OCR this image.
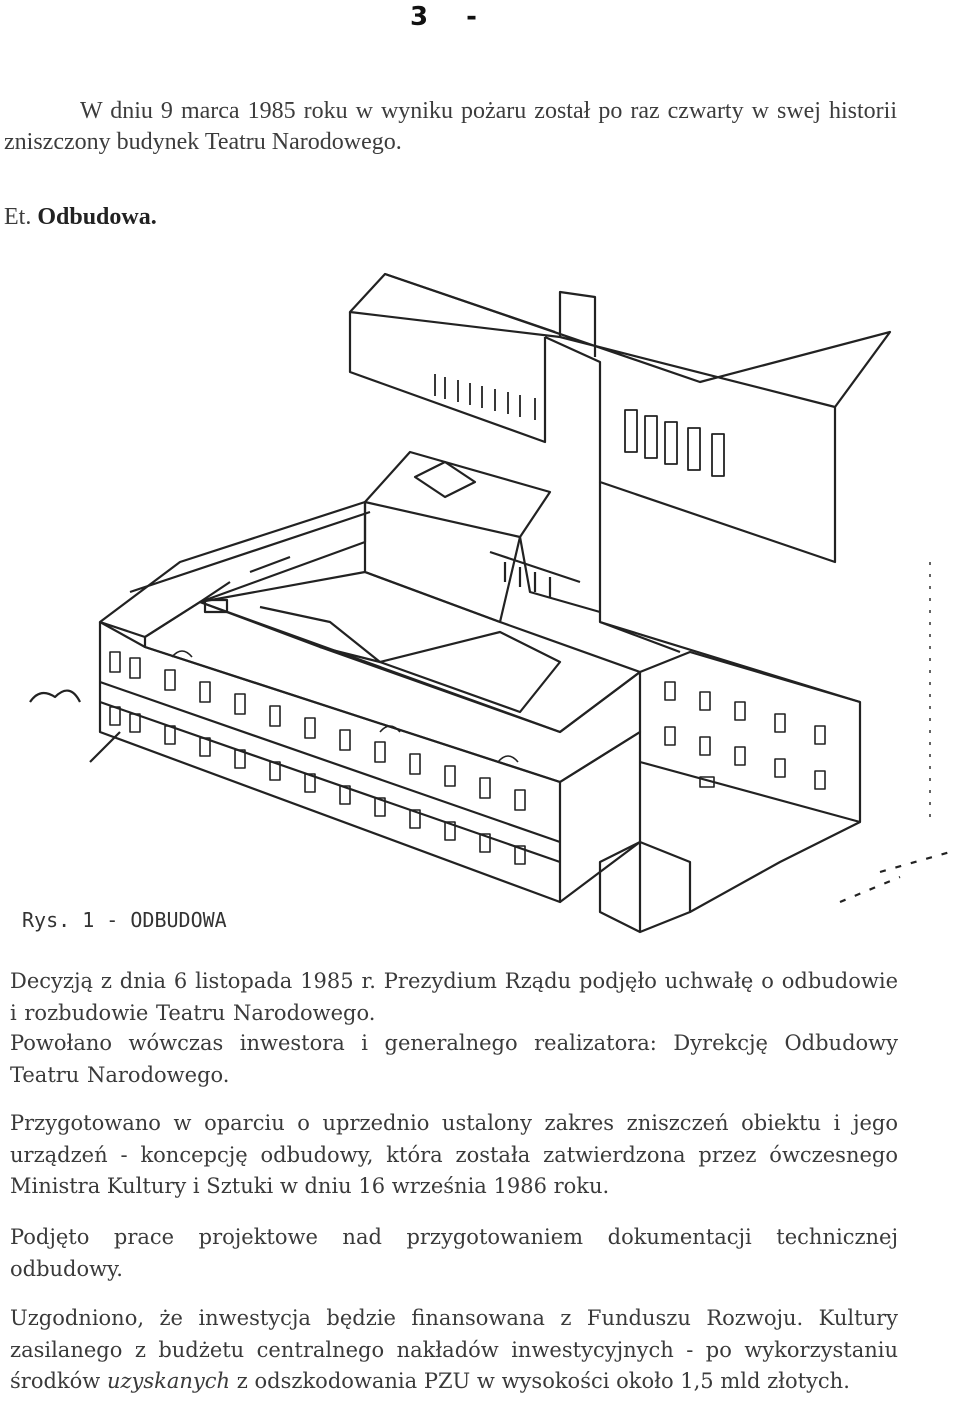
3 -
W dniu 9 marca 1985 roku w wyniku pożaru został po raz czwarty w swej historii zniszczony budynek Teatru Narodowego.
Et. Odbudowa.
Rys. 1 - ODBUDOWA

Decyzją z dnia 6 listopada 1985 r. Prezydium Rządu podjęło uchwałę o odbudowie i rozbudowie Teatru Narodowego.

Powołano wówczas inwestora i generalnego realizatora: Dyrekcję Odbudowy Teatru Narodowego.

Przygotowano w oparciu o uprzednio ustalony zakres zniszczeń obiektu i jego urządzeń - koncepcję odbudowy, która została zatwierdzona przez ówczesnego Ministra Kultury i Sztuki w dniu 16 września 1986 roku.

Podjęto prace projektowe nad przygotowaniem dokumentacji technicznej odbudowy.

Uzgodniono, że inwestycja będzie finansowana z Funduszu Rozwoju. Kultury zasilanego z budżetu centralnego nakładów inwestycyjnych - po wykorzystaniu środków uzyskanych z odszkodowania PZU w wysokości około 1,5 mld złotych.
